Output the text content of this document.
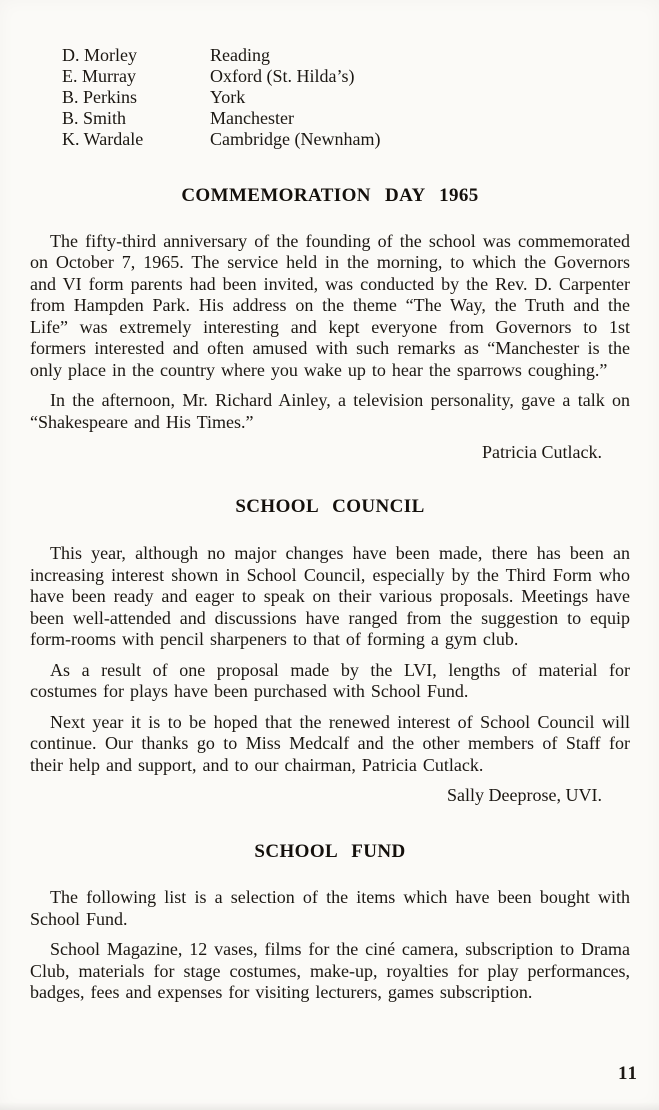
D. Morley	Reading
E. Murray	Oxford (St. Hilda’s)
B. Perkins	York
B. Smith	Manchester
K. Wardale	Cambridge (Newnham)
COMMEMORATION DAY 1965

The fifty-third anniversary of the founding of the school was commemorated on October 7, 1965. The service held in the morning, to which the Governors and VI form parents had been invited, was conducted by the Rev. D. Carpenter from Hampden Park. His address on the theme “The Way, the Truth and the Life” was extremely interesting and kept everyone from Governors to 1st formers interested and often amused with such remarks as “Manchester is the only place in the country where you wake up to hear the sparrows coughing.”

In the afternoon, Mr. Richard Ainley, a television personality, gave a talk on “Shakespeare and His Times.”

Patricia Cutlack.

SCHOOL COUNCIL

This year, although no major changes have been made, there has been an increasing interest shown in School Council, especially by the Third Form who have been ready and eager to speak on their various proposals. Meetings have been well-attended and discussions have ranged from the suggestion to equip form-rooms with pencil sharpeners to that of forming a gym club.

As a result of one proposal made by the LVI, lengths of material for costumes for plays have been purchased with School Fund.

Next year it is to be hoped that the renewed interest of School Council will continue. Our thanks go to Miss Medcalf and the other members of Staff for their help and support, and to our chairman, Patricia Cutlack.

Sally Deeprose, UVI.

SCHOOL FUND

The following list is a selection of the items which have been bought with School Fund.

School Magazine, 12 vases, films for the ciné camera, subscription to Drama Club, materials for stage costumes, make-up, royalties for play performances, badges, fees and expenses for visiting lecturers, games subscription.

11
